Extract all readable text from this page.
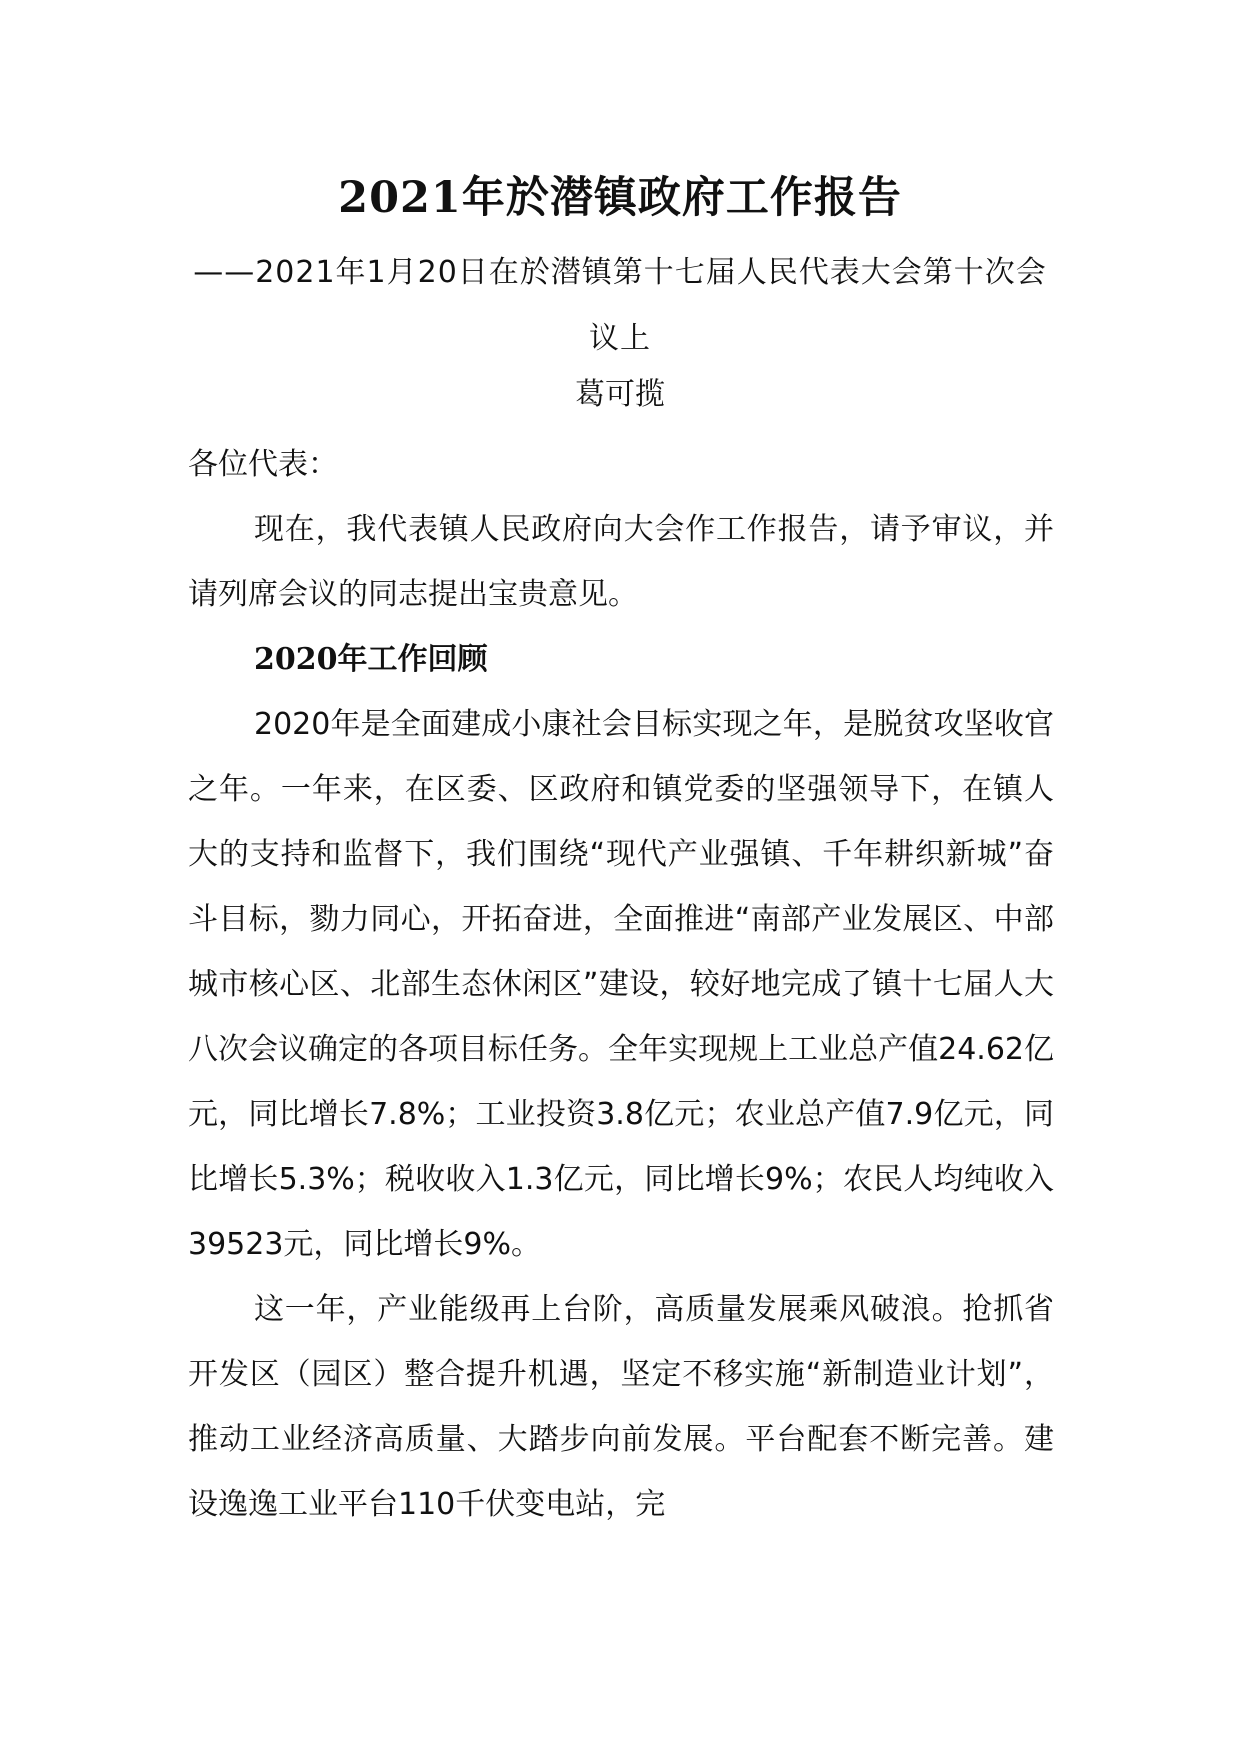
2021年於潜镇政府工作报告
——2021年1月20日在於潜镇第十七届人民代表大会第十次会议上
葛可揽

各位代表：

现在，我代表镇人民政府向大会作工作报告，请予审议，并请列席会议的同志提出宝贵意见。

2020年工作回顾

2020年是全面建成小康社会目标实现之年，是脱贫攻坚收官之年。一年来，在区委、区政府和镇党委的坚强领导下，在镇人大的支持和监督下，我们围绕“现代产业强镇、千年耕织新城”奋斗目标，勠力同心，开拓奋进，全面推进“南部产业发展区、中部城市核心区、北部生态休闲区”建设，较好地完成了镇十七届人大八次会议确定的各项目标任务。全年实现规上工业总产值24.62亿元，同比增长7.8%；工业投资3.8亿元；农业总产值7.9亿元，同比增长5.3%；税收收入1.3亿元，同比增长9%；农民人均纯收入39523元，同比增长9%。

这一年，产业能级再上台阶，高质量发展乘风破浪。抢抓省开发区（园区）整合提升机遇，坚定不移实施“新制造业计划”，推动工业经济高质量、大踏步向前发展。平台配套不断完善。建设逸逸工业平台110千伏变电站，完
